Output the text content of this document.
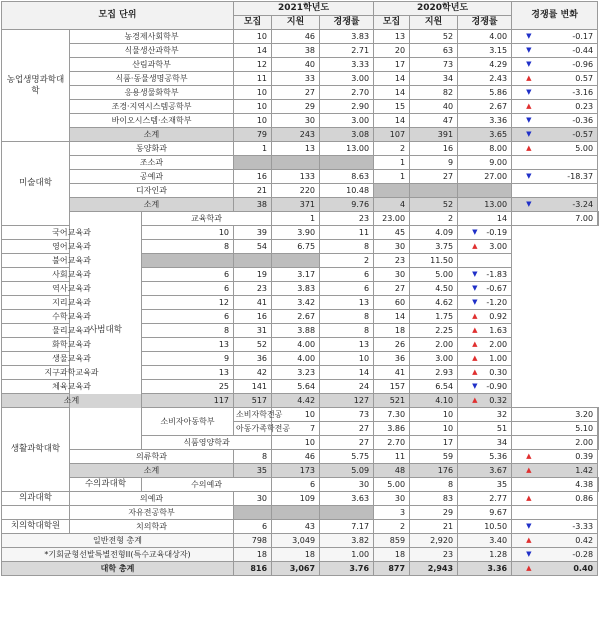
모집 단위			2021학년도			2020학년도			경쟁률 변화	
			모집	지원	경쟁률	모집	지원	경쟁률		
농업생명과학대학	농경제사회학부		10	46	3.83	13	52	4.00	▼ -0.17	
	식물생산과학부		14	38	2.71	20	63	3.15	▼ -0.44	
	산림과학부		12	40	3.33	17	73	4.29	▼ -0.96	
	식품·동물생명공학부		11	33	3.00	14	34	2.43	▲ 0.57	
	응용생물화학부		10	27	2.70	14	82	5.86	▼ -3.16	
	조경·지역시스템공학부		10	29	2.90	15	40	2.67	▲ 0.23	
	바이오시스템·소재학부		10	30	3.00	14	47	3.36	▼ -0.36	
	소계		79	243	3.08	107	391	3.65	▼ -0.57	
미술대학	동양화과		1	13	13.00	2	16	8.00	▲ 5.00	
	조소과					1	9	9.00		
	공예과		16	133	8.63	1	27	27.00	▼ -18.37	
	디자인과		21	220	10.48					
	소계		38	371	9.76	4	52	13.00	▼ -3.24	
	사범대학	교육학과		1	23	23.00	2	14	7.00	

국어교육과		10	39	3.90	11	45	4.09	▼ -0.19		
영어교육과		8	54	6.75	8	30	3.75	▲ 3.00		
불어교육과					2	23	11.50			
사회교육과		6	19	3.17	6	30	5.00	▼ -1.83		
역사교육과		6	23	3.83	6	27	4.50	▼ -0.67		
지리교육과		12	41	3.42	13	60	4.62	▼ -1.20		
수학교육과		6	16	2.67	8	14	1.75	▲ 0.92		
물리교육과		8	31	3.88	8	18	2.25	▲ 1.63		
화학교육과		13	52	4.00	13	26	2.00	▲ 2.00		
생물교육과		9	36	4.00	10	36	3.00	▲ 1.00		
지구과학교육과		13	42	3.23	14	41	2.93	▲ 0.30		
체육교육과		25	141	5.64	24	157	6.54	▼ -0.90		
소계		117	517	4.42	127	521	4.10	▲ 0.32		
생활과학대학		소비자아동학부	소비자학전공	10	73	7.30	10	32	3.20	

			아동가족학전공	7	27	3.86	10	51	5.10	

		식품영양학과		10	27	2.70	17	34	2.00	

	의류학과		8	46	5.75	11	59	5.36	▲ 0.39	
	소계		35	173	5.09	48	176	3.67	▲ 1.42	
	수의과대학	수의예과		6	30	5.00	8	35	4.38	

의과대학	의예과		30	109	3.63	30	83	2.77	▲ 0.86	
	자유전공학부					3	29	9.67		
치의학대학원	치의학과		6	43	7.17	2	21	10.50	▼ -3.33	
일반전형 총계			798	3,049	3.82	859	2,920	3.40	▲ 0.42	
*기회균형선발특별전형II(특수교육대상자)			18	18	1.00	18	23	1.28	▼ -0.28	
대학 총계			816	3,067	3.76	877	2,943	3.36	▲ 0.40	
